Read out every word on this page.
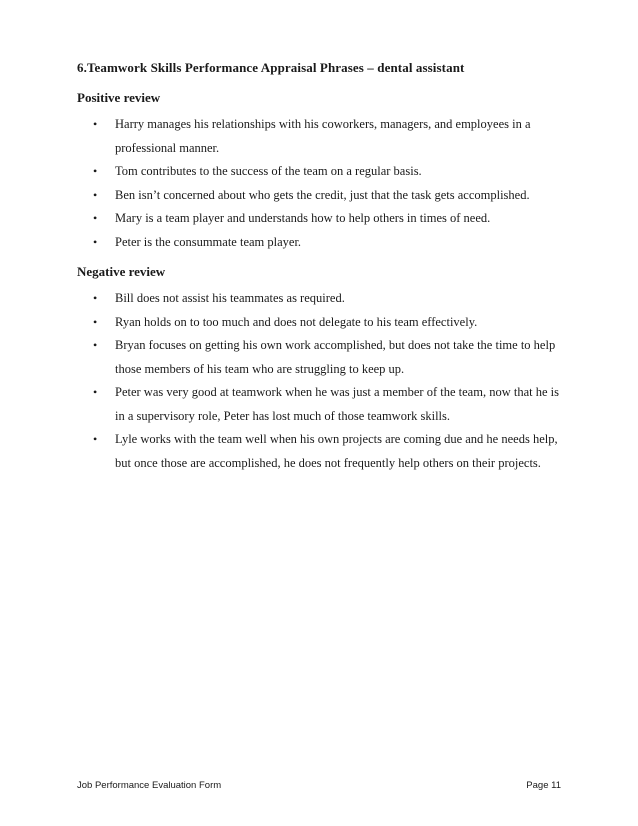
6.Teamwork Skills Performance Appraisal Phrases – dental assistant
Positive review
• Harry manages his relationships with his coworkers, managers, and employees in a professional manner.
• Tom contributes to the success of the team on a regular basis.
• Ben isn’t concerned about who gets the credit, just that the task gets accomplished.
• Mary is a team player and understands how to help others in times of need.
• Peter is the consummate team player.
Negative review
• Bill does not assist his teammates as required.
• Ryan holds on to too much and does not delegate to his team effectively.
• Bryan focuses on getting his own work accomplished, but does not take the time to help those members of his team who are struggling to keep up.
• Peter was very good at teamwork when he was just a member of the team, now that he is in a supervisory role, Peter has lost much of those teamwork skills.
• Lyle works with the team well when his own projects are coming due and he needs help, but once those are accomplished, he does not frequently help others on their projects.
Job Performance Evaluation Form	Page 11
